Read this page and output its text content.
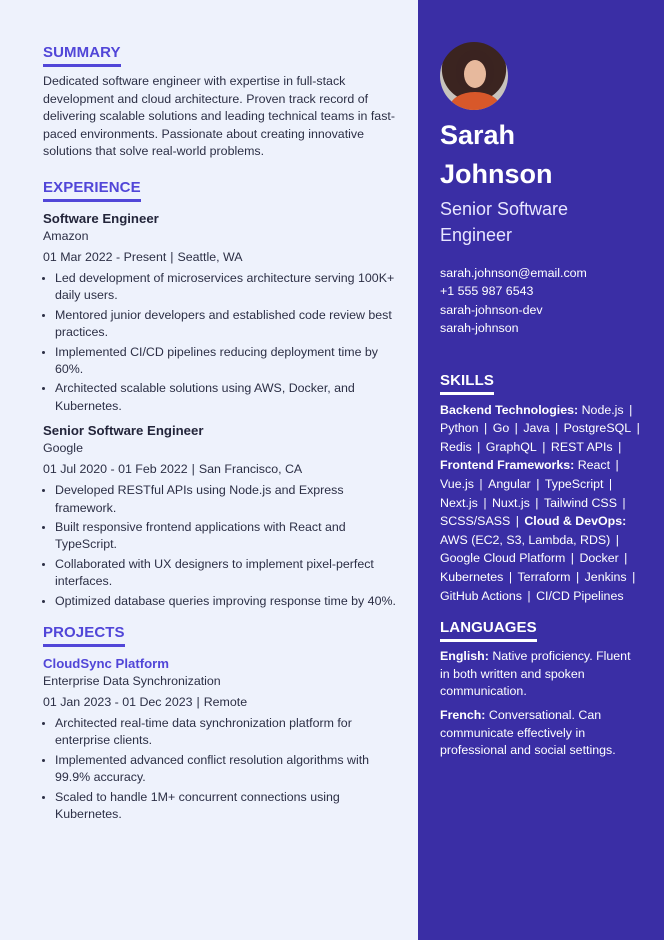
SUMMARY

Dedicated software engineer with expertise in full-stack development and cloud architecture. Proven track record of delivering scalable solutions and leading technical teams in fast-paced environments. Passionate about creating innovative solutions that solve real-world problems.

EXPERIENCE
Software Engineer
Amazon
01 Mar 2022 - Present | Seattle, WA
• Led development of microservices architecture serving 100K+ daily users.
• Mentored junior developers and established code review best practices.
• Implemented CI/CD pipelines reducing deployment time by 60%.
• Architected scalable solutions using AWS, Docker, and Kubernetes.
Senior Software Engineer
Google
01 Jul 2020 - 01 Feb 2022 | San Francisco, CA
• Developed RESTful APIs using Node.js and Express framework.
• Built responsive frontend applications with React and TypeScript.
• Collaborated with UX designers to implement pixel-perfect interfaces.
• Optimized database queries improving response time by 40%.
PROJECTS
CloudSync Platform
Enterprise Data Synchronization
01 Jan 2023 - 01 Dec 2023 | Remote
• Architected real-time data synchronization platform for enterprise clients.
• Implemented advanced conflict resolution algorithms with 99.9% accuracy.
• Scaled to handle 1M+ concurrent connections using Kubernetes.
Sarah
Johnson
Senior Software Engineer
sarah.johnson@email.com
+1 555 987 6543
sarah-johnson-dev
sarah-johnson
SKILLS
Backend Technologies: Node.js | Python | Go | Java | PostgreSQL | Redis | GraphQL | REST APIs | Frontend Frameworks: React | Vue.js | Angular | TypeScript | Next.js | Nuxt.js | Tailwind CSS | SCSS/SASS | Cloud & DevOps: AWS (EC2, S3, Lambda, RDS) | Google Cloud Platform | Docker | Kubernetes | Terraform | Jenkins | GitHub Actions | CI/CD Pipelines
LANGUAGES

English: Native proficiency. Fluent in both written and spoken communication.

French: Conversational. Can communicate effectively in professional and social settings.
